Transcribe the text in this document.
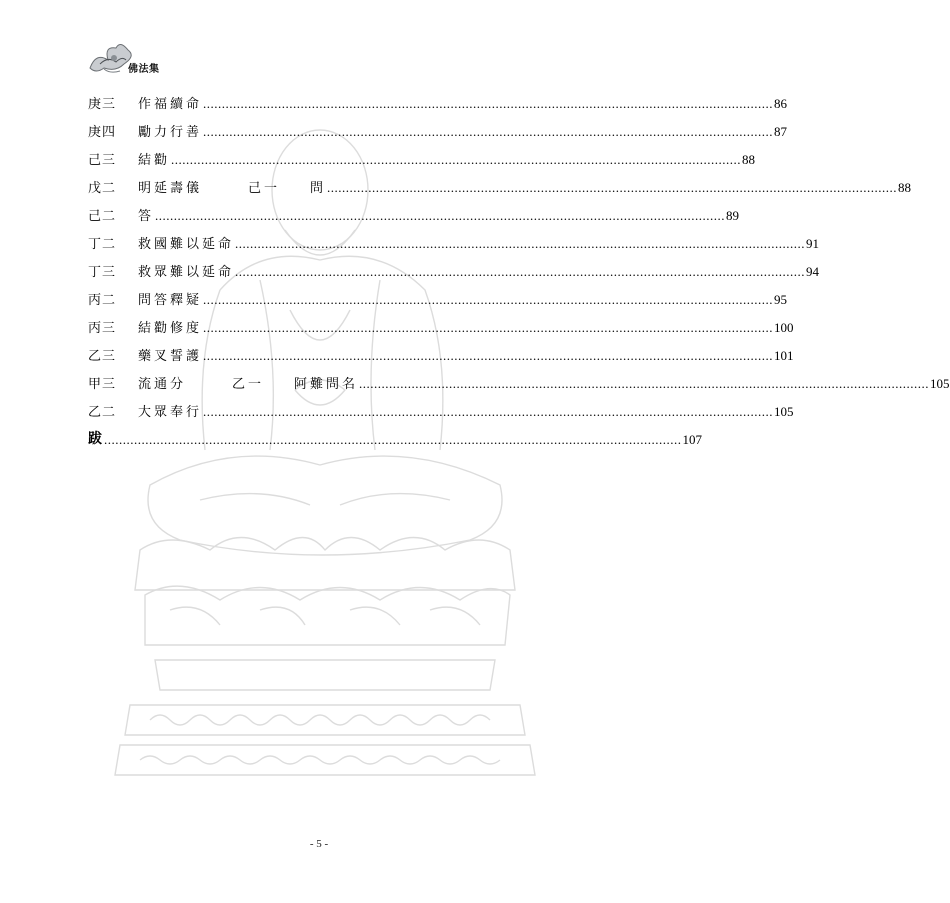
佛法集
庚三	作福續命 ........................................................................................................................................................ 86
庚四	勵力行善 ........................................................................................................................................................ 87
己三	結勸 ........................................................................................................................................................ 88
戊二	明延壽儀	己一 問 ........................................................................................................................................................ 88
己二	答 ........................................................................................................................................................ 89
丁二	救國難以延命 ........................................................................................................................................................ 91
丁三	救眾難以延命 ........................................................................................................................................................ 94
丙二	問答釋疑 ........................................................................................................................................................ 95
丙三	結勸修度 ........................................................................................................................................................ 100
乙三	藥叉誓護 ........................................................................................................................................................ 101
甲三	流通分	乙一 阿難問名 ........................................................................................................................................................ 105
乙二	大眾奉行 ........................................................................................................................................................ 105
跋 .......................................................................................................................................................... 107
- 5 -
